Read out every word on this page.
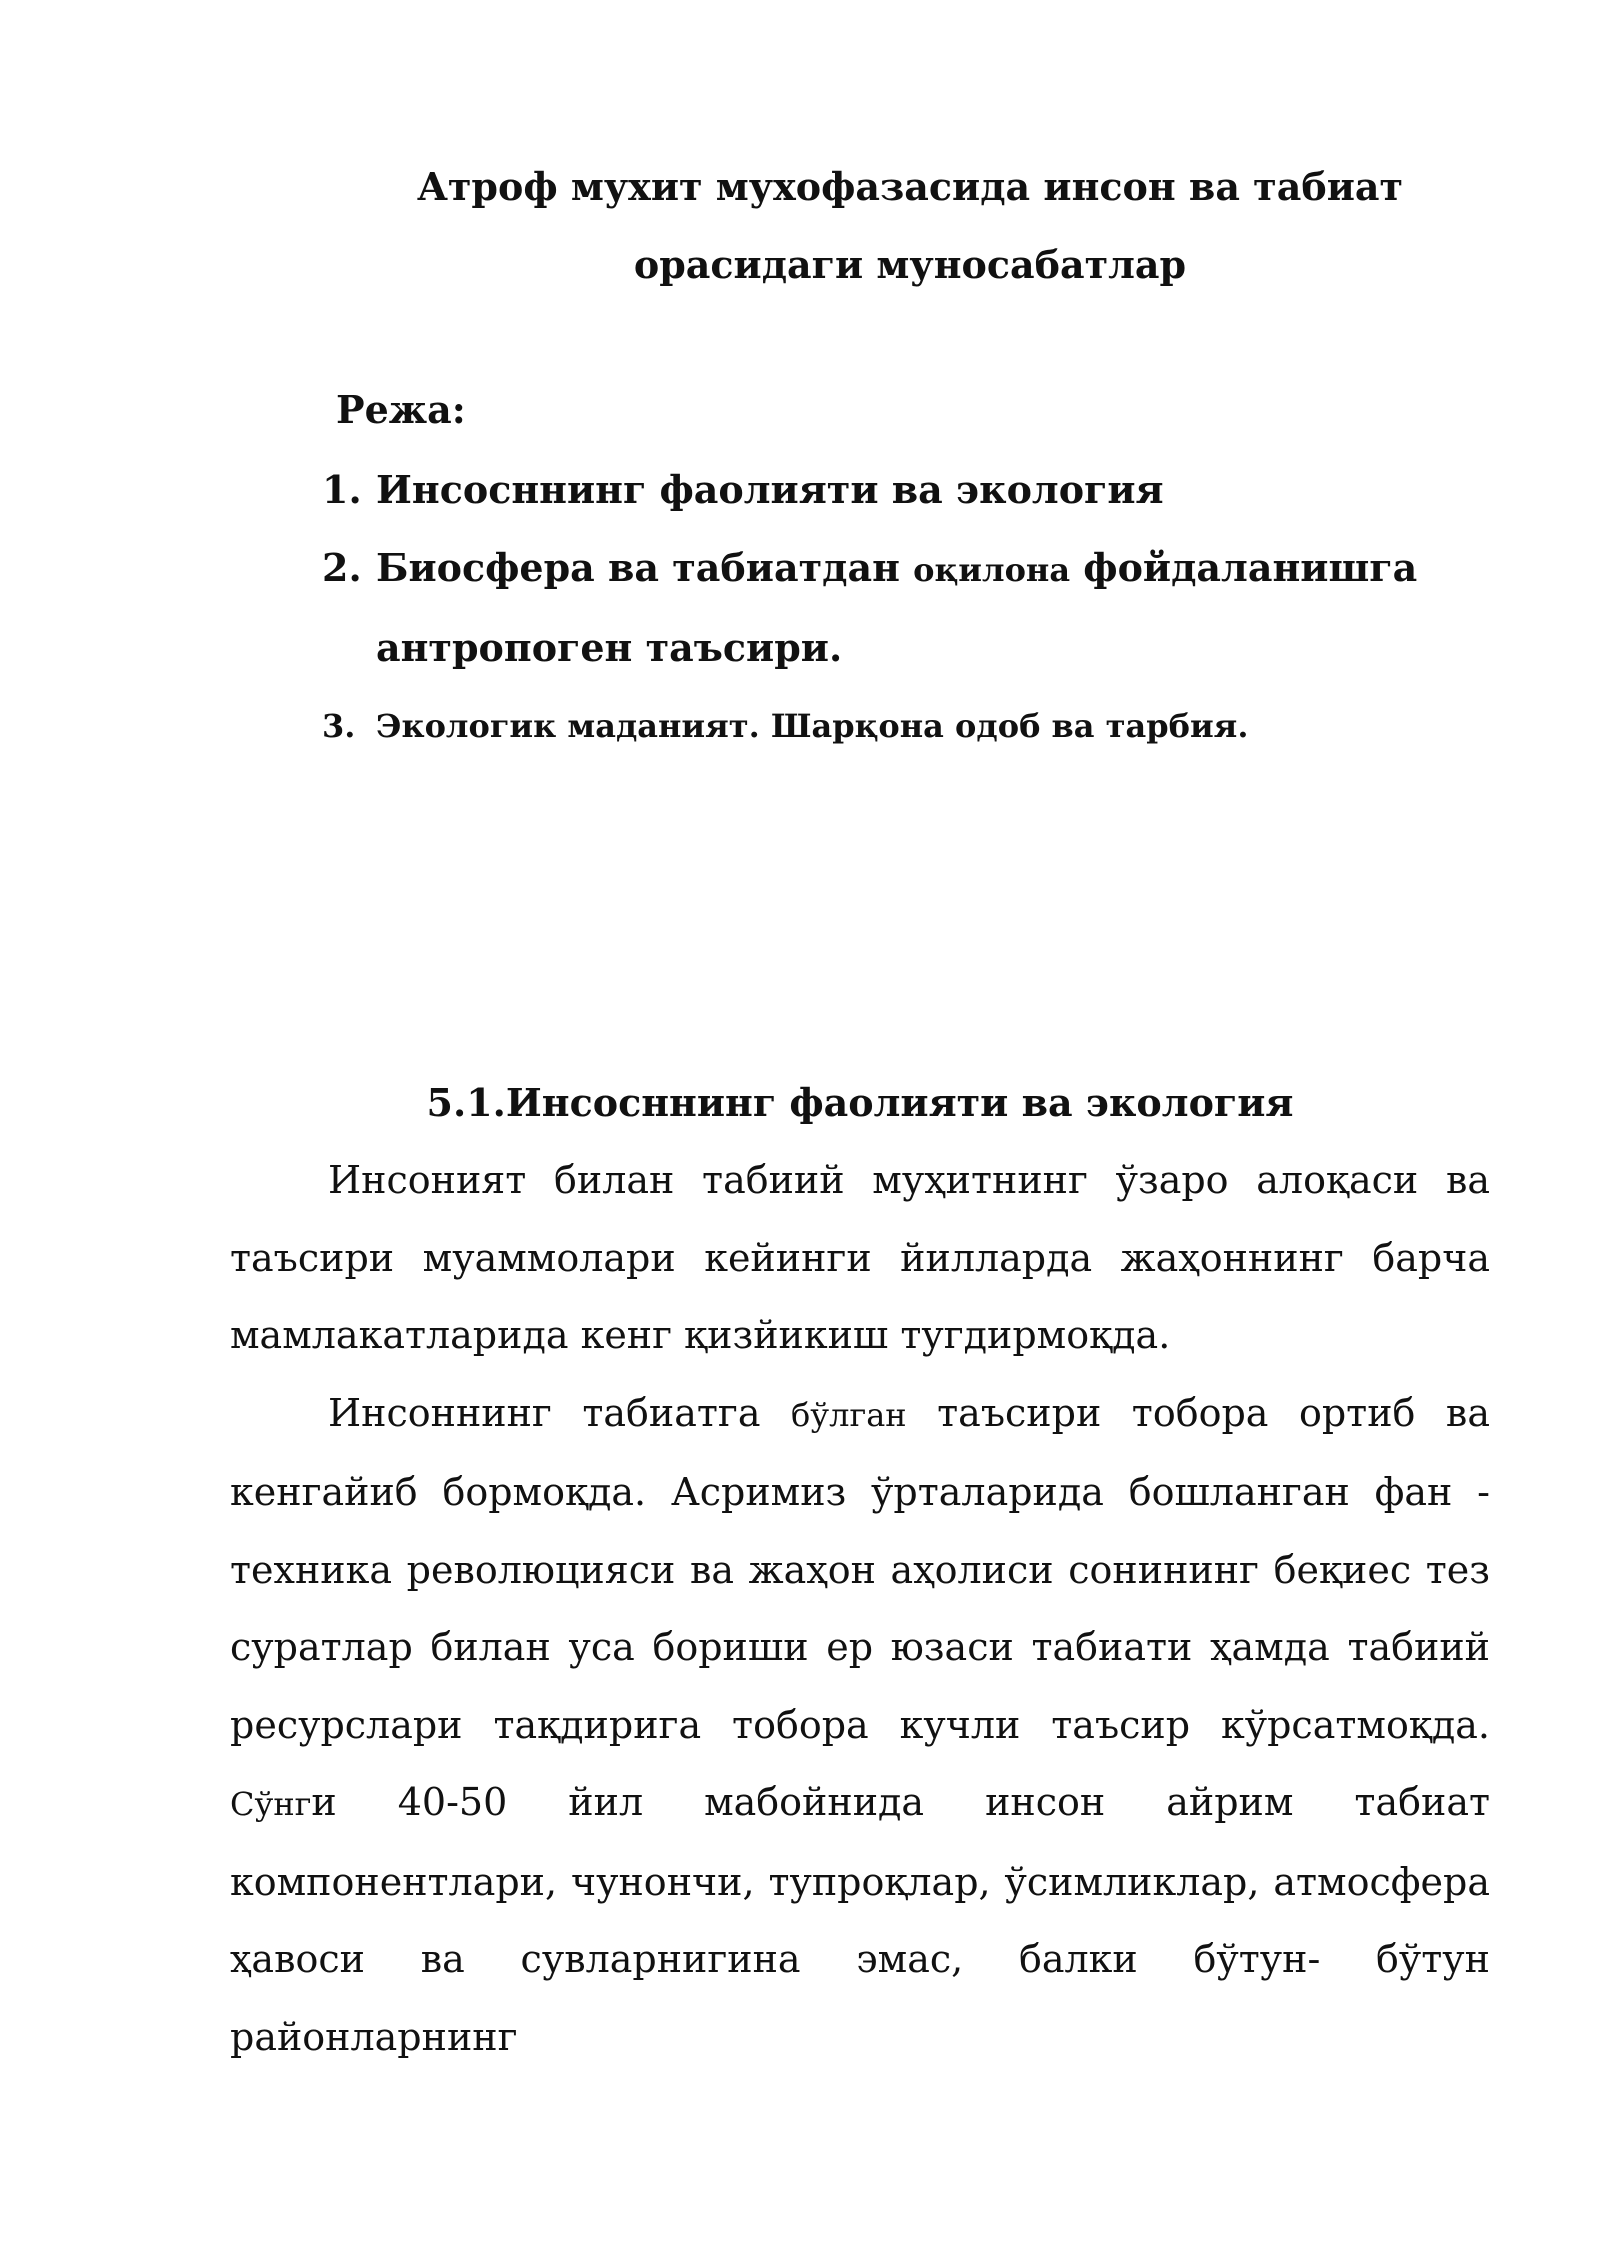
Атроф мухит мухофазасида инсон ва табиат орасидаги муносабатлар

Режа:

1. Инсосннинг фаолияти ва экология
2. Биосфера ва табиатдан оқилона фойдаланишга антропоген таъсири.
3. Экологик маданият. Шарқона одоб ва тарбия.
5.1.Инсосннинг фаолияти ва экология

Инсоният билан табиий муҳитнинг ўзаро алоқаси ва таъсири муаммолари кейинги йилларда жаҳоннинг барча мамлакатларида кенг қизйикиш тугдирмоқда.

Инсоннинг табиатга бўлган таъсири тобора ортиб ва кенгайиб бормоқда. Асримиз ўрталарида бошланган фан - техника революцияси ва жаҳон аҳолиси сонининг беқиес тез суратлар билан уса бориши ер юзаси табиати ҳамда табиий ресурслари тақдирига тобора кучли таъсир кўрсатмоқда. Сўнги 40-50 йил мабойнида инсон айрим табиат компонентлари, чунончи, тупроқлар, ўсимликлар, атмосфера ҳавоси ва сувларнигина эмас, балки бўтун- бўтун районларнинг
